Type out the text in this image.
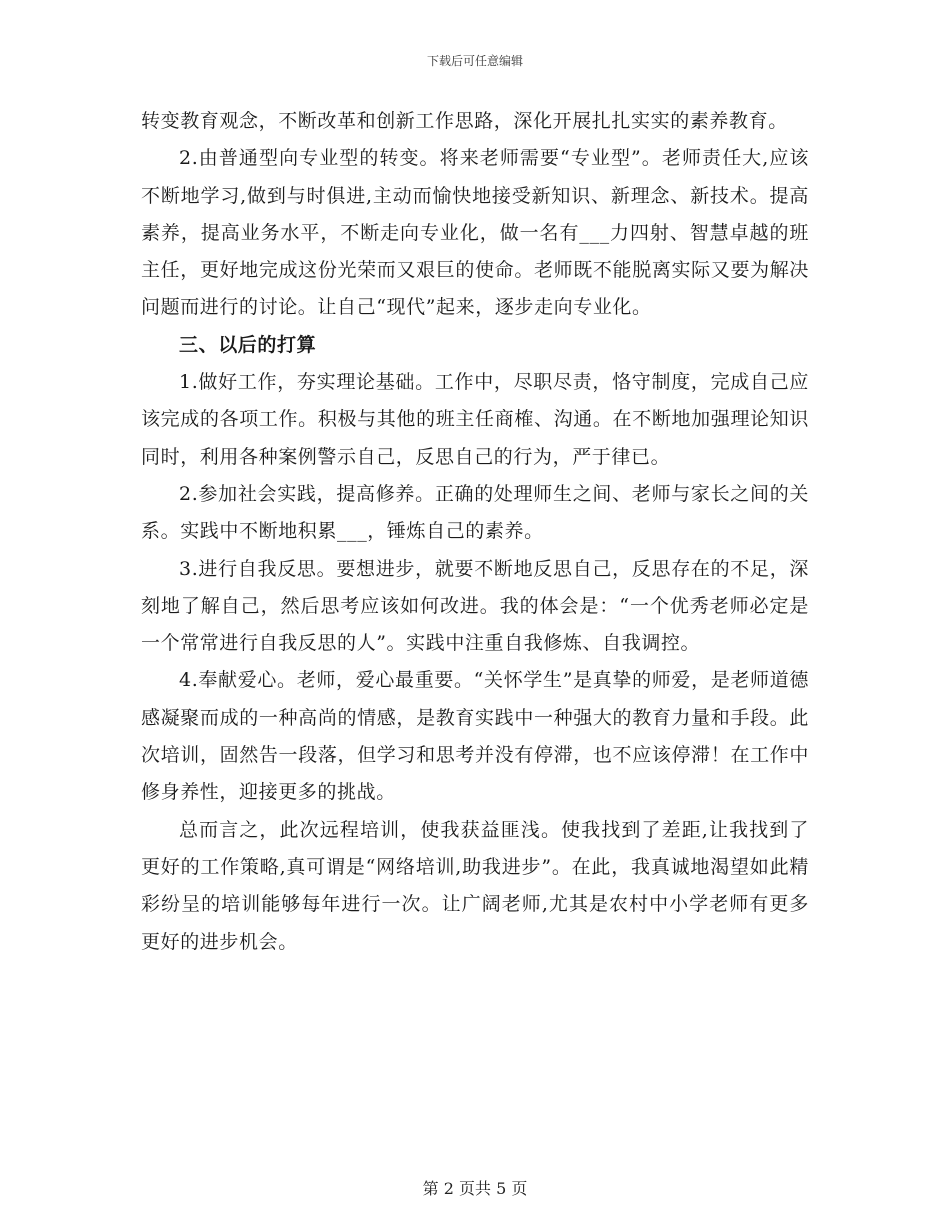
下载后可任意编辑

转变教育观念，不断改革和创新工作思路，深化开展扎扎实实的素养教育。

2.由普通型向专业型的转变。将来老师需要“专业型”。老师责任大,应该不断地学习,做到与时俱进,主动而愉快地接受新知识、新理念、新技术。提高素养，提高业务水平，不断走向专业化，做一名有___力四射、智慧卓越的班主任，更好地完成这份光荣而又艰巨的使命。老师既不能脱离实际又要为解决问题而进行的讨论。让自己“现代”起来，逐步走向专业化。

三、以后的打算

1.做好工作，夯实理论基础。工作中，尽职尽责，恪守制度，完成自己应该完成的各项工作。积极与其他的班主任商榷、沟通。在不断地加强理论知识同时，利用各种案例警示自己，反思自己的行为，严于律已。

2.参加社会实践，提高修养。正确的处理师生之间、老师与家长之间的关系。实践中不断地积累___，锤炼自己的素养。

3.进行自我反思。要想进步，就要不断地反思自己，反思存在的不足，深刻地了解自己，然后思考应该如何改进。我的体会是：“一个优秀老师必定是一个常常进行自我反思的人”。实践中注重自我修炼、自我调控。

4.奉献爱心。老师，爱心最重要。“关怀学生”是真挚的师爱，是老师道德感凝聚而成的一种高尚的情感，是教育实践中一种强大的教育力量和手段。此次培训，固然告一段落，但学习和思考并没有停滞，也不应该停滞！在工作中修身养性，迎接更多的挑战。

总而言之，此次远程培训，使我获益匪浅。使我找到了差距,让我找到了更好的工作策略,真可谓是“网络培训,助我进步”。在此，我真诚地渴望如此精彩纷呈的培训能够每年进行一次。让广阔老师,尤其是农村中小学老师有更多更好的进步机会。

第 2 页共 5 页
